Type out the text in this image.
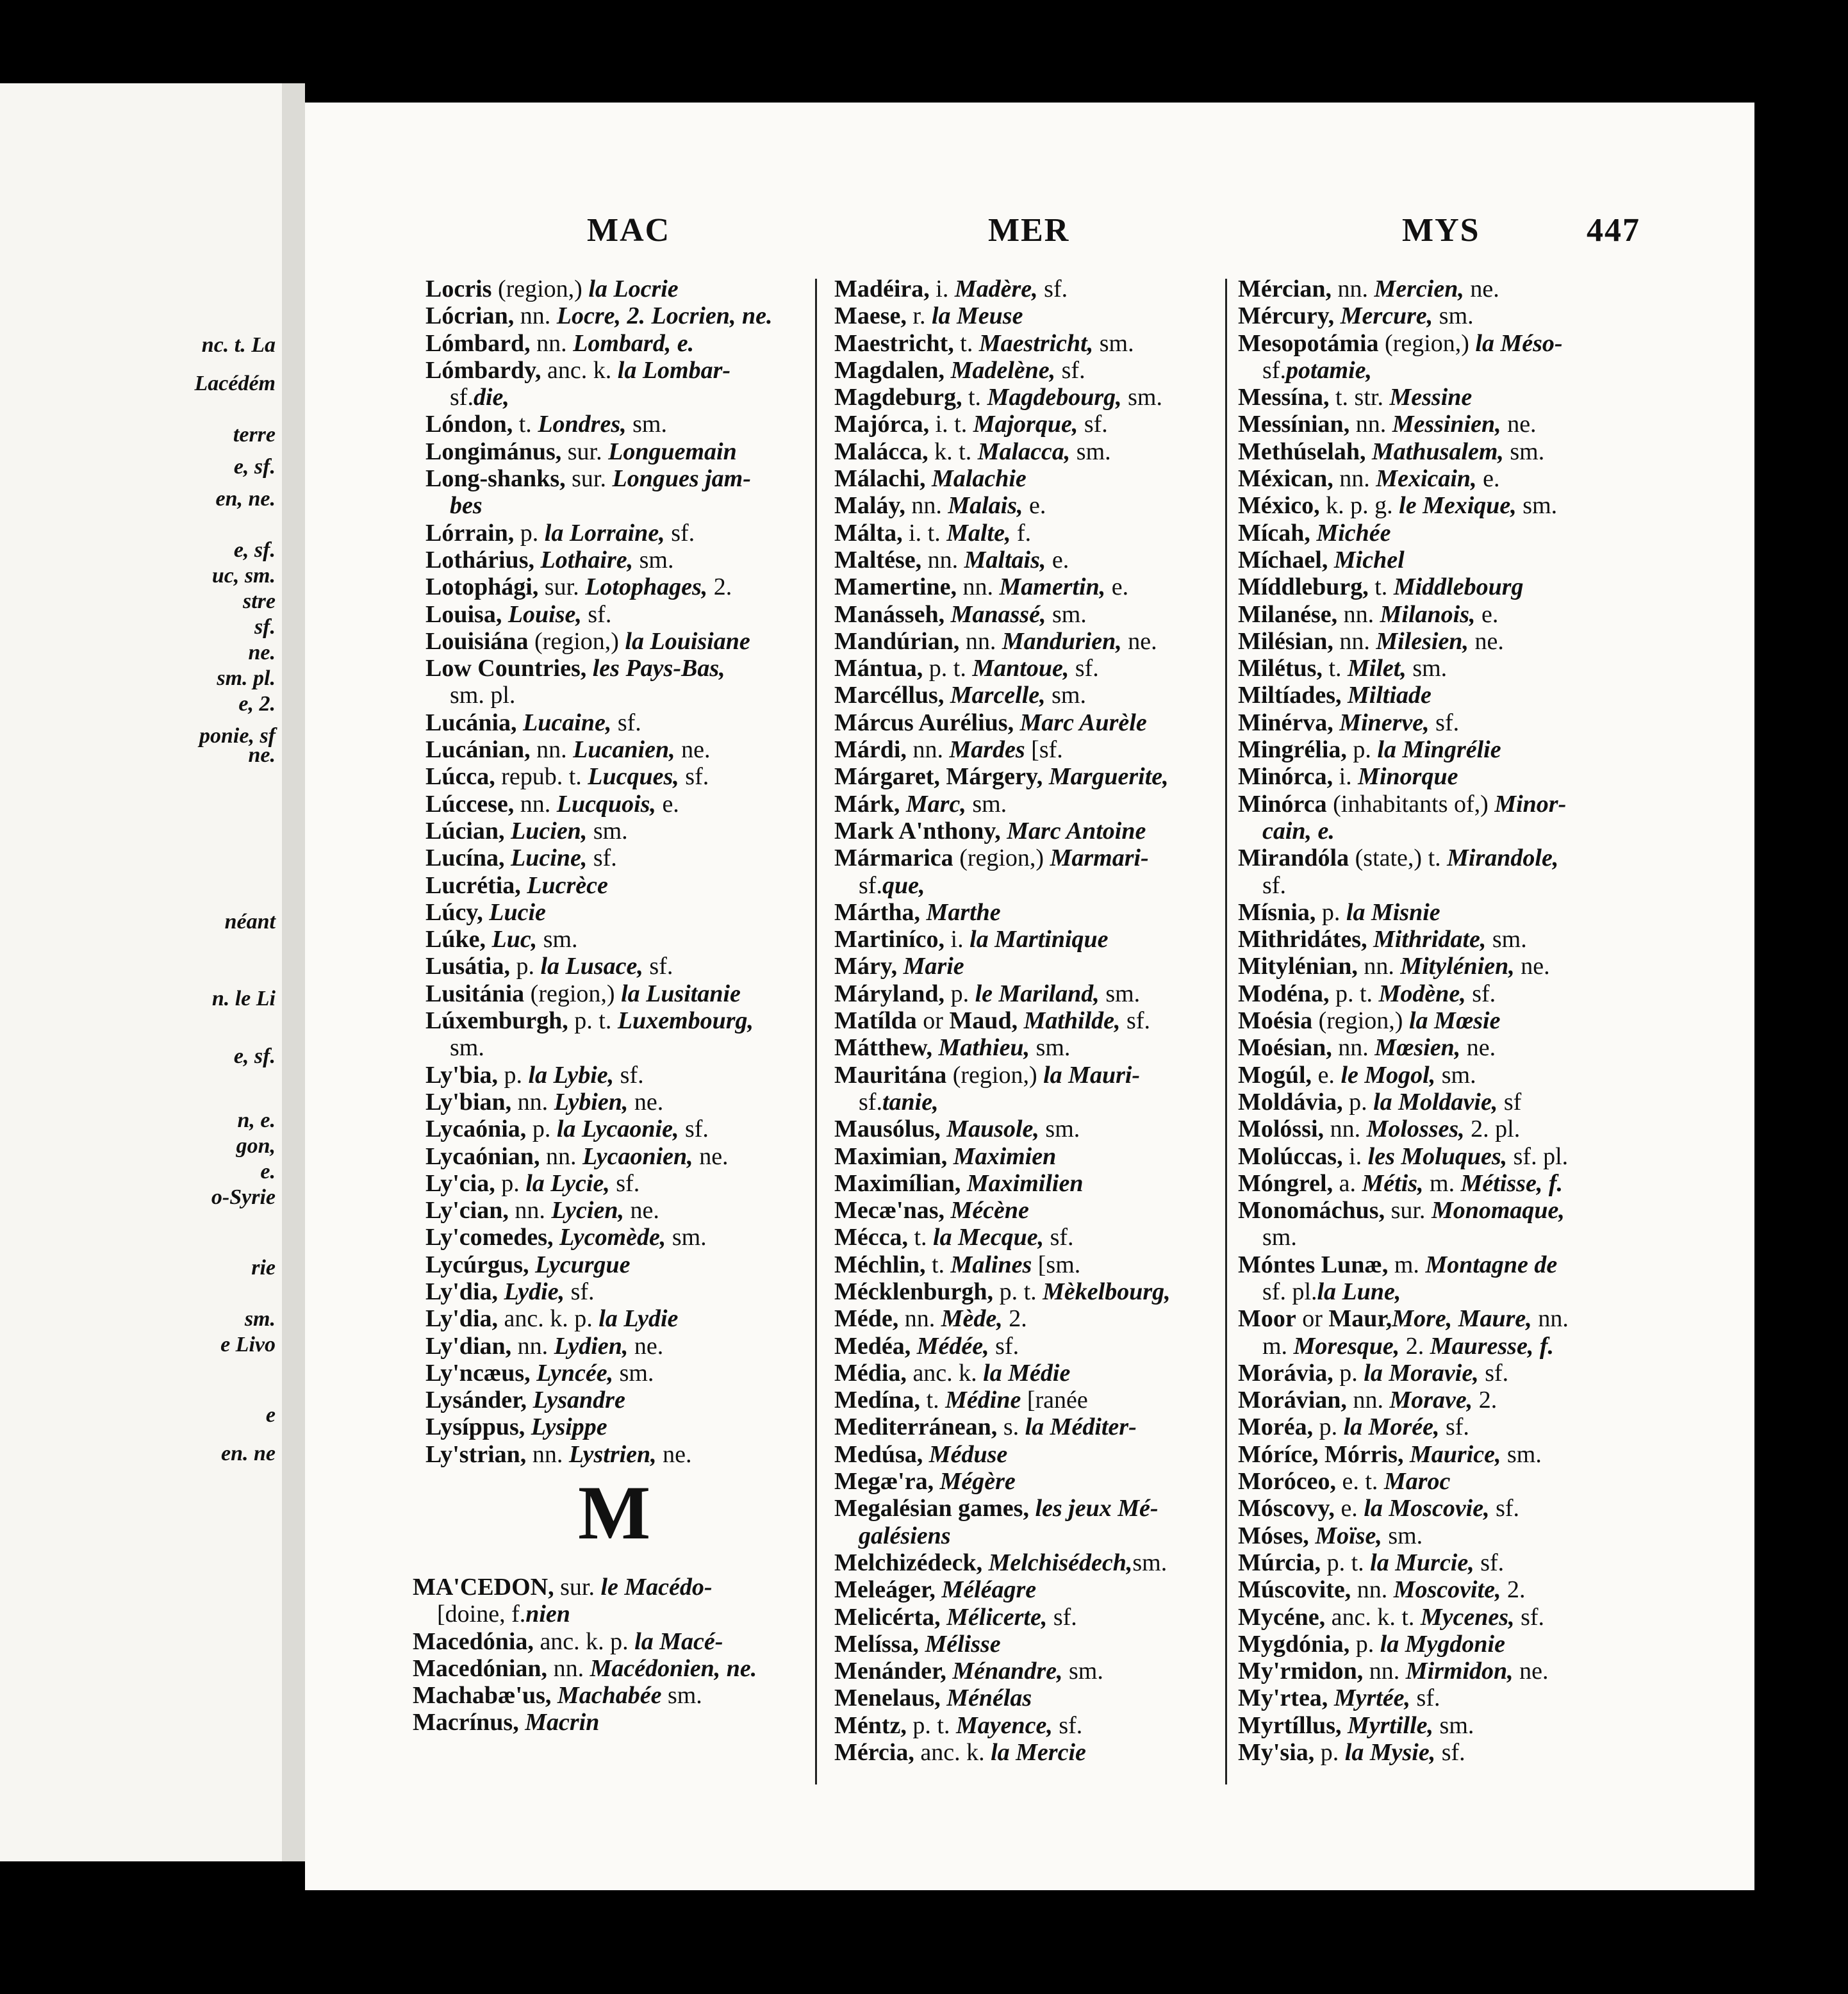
nc. t. La
Lacédém
terre
e, sf.
en, ne.
e, sf.
uc, sm.
stre
sf.
ne.
sm. pl.
e, 2.
ponie, sf
ne.
néant
n. le Li
e, sf.
n, e.
gon,
e.
o-Syrie
rie
sm.
e Livo
e
en. ne
MAC	MER	MYS	447
Locris (region,) la Locrie
Lócrian, nn. Locre, 2. Locrien, ne.
Lómbard, nn. Lombard, e.
Lómbardy, anc. k. la Lombar-
sf.die,
Lóndon, t. Londres, sm.
Longimánus, sur. Longuemain
Long-shanks, sur. Longues jam-
bes
Lórrain, p. la Lorraine, sf.
Lothárius, Lothaire, sm.
Lotophági, sur. Lotophages, 2.
Louisa, Louise, sf.
Louisiána (region,) la Louisiane
Low Countries, les Pays-Bas,
sm. pl.
Lucánia, Lucaine, sf.
Lucánian, nn. Lucanien, ne.
Lúcca, repub. t. Lucques, sf.
Lúccese, nn. Lucquois, e.
Lúcian, Lucien, sm.
Lucína, Lucine, sf.
Lucrétia, Lucrèce
Lúcy, Lucie
Lúke, Luc, sm.
Lusátia, p. la Lusace, sf.
Lusitánia (region,) la Lusitanie
Lúxemburgh, p. t. Luxembourg,
sm.
Ly'bia, p. la Lybie, sf.
Ly'bian, nn. Lybien, ne.
Lycaónia, p. la Lycaonie, sf.
Lycaónian, nn. Lycaonien, ne.
Ly'cia, p. la Lycie, sf.
Ly'cian, nn. Lycien, ne.
Ly'comedes, Lycomède, sm.
Lycúrgus, Lycurgue
Ly'dia, Lydie, sf.
Ly'dia, anc. k. p. la Lydie
Ly'dian, nn. Lydien, ne.
Ly'ncæus, Lyncée, sm.
Lysánder, Lysandre
Lysíppus, Lysippe
Ly'strian, nn. Lystrien, ne.
Madéira, i. Madère, sf.
Maese, r. la Meuse
Maestricht, t. Maestricht, sm.
Magdalen, Madelène, sf.
Magdeburg, t. Magdebourg, sm.
Majórca, i. t. Majorque, sf.
Malácca, k. t. Malacca, sm.
Málachi, Malachie
Maláy, nn. Malais, e.
Málta, i. t. Malte, f.
Maltése, nn. Maltais, e.
Mamertine, nn. Mamertin, e.
Manásseh, Manassé, sm.
Mandúrian, nn. Mandurien, ne.
Mántua, p. t. Mantoue, sf.
Marcéllus, Marcelle, sm.
Márcus Aurélius, Marc Aurèle
Márdi, nn. Mardes [sf.
Márgaret, Márgery, Marguerite,
Márk, Marc, sm.
Mark A'nthony, Marc Antoine
Mármarica (region,) Marmari-
sf.que,
Mártha, Marthe
Martiníco, i. la Martinique
Máry, Marie
Máryland, p. le Mariland, sm.
Matílda or Maud, Mathilde, sf.
Mátthew, Mathieu, sm.
Mauritána (region,) la Mauri-
sf.tanie,
Mausólus, Mausole, sm.
Maximian, Maximien
Maximílian, Maximilien
Mecæ'nas, Mécène
Mécca, t. la Mecque, sf.
Méchlin, t. Malines [sm.
Mécklenburgh, p. t. Mèkelbourg,
Méde, nn. Mède, 2.
Medéa, Médée, sf.
Média, anc. k. la Médie
Medína, t. Médine [ranée
Mediterránean, s. la Méditer-
Medúsa, Méduse
Megæ'ra, Mégère
Megalésian games, les jeux Mé-
galésiens
Melchizédeck, Melchisédech,sm.
Meleáger, Méléagre
Melicérta, Mélicerte, sf.
Melíssa, Mélisse
Menánder, Ménandre, sm.
Menelaus, Ménélas
Méntz, p. t. Mayence, sf.
Mércia, anc. k. la Mercie
Mércian, nn. Mercien, ne.
Mércury, Mercure, sm.
Mesopotámia (region,) la Méso-
sf.potamie,
Messína, t. str. Messine
Messínian, nn. Messinien, ne.
Methúselah, Mathusalem, sm.
Méxican, nn. Mexicain, e.
México, k. p. g. le Mexique, sm.
Mícah, Michée
Míchael, Michel
Míddleburg, t. Middlebourg
Milanése, nn. Milanois, e.
Milésian, nn. Milesien, ne.
Milétus, t. Milet, sm.
Miltíades, Miltiade
Minérva, Minerve, sf.
Mingrélia, p. la Mingrélie
Minórca, i. Minorque
Minórca (inhabitants of,) Minor-
cain, e.
Mirandóla (state,) t. Mirandole,
sf.
Mísnia, p. la Misnie
Mithridátes, Mithridate, sm.
Mitylénian, nn. Mitylénien, ne.
Modéna, p. t. Modène, sf.
Moésia (region,) la Mœsie
Moésian, nn. Mœsien, ne.
Mogúl, e. le Mogol, sm.
Moldávia, p. la Moldavie, sf
Molóssi, nn. Molosses, 2. pl.
Molúccas, i. les Moluques, sf. pl.
Móngrel, a. Métis, m. Métisse, f.
Monomáchus, sur. Monomaque,
sm.
Móntes Lunæ, m. Montagne de
sf. pl.la Lune,
Moor or Maur,More, Maure, nn.
m. Moresque, 2. Mauresse, f.
Morávia, p. la Moravie, sf.
Morávian, nn. Morave, 2.
Moréa, p. la Morée, sf.
Móríce, Mórris, Maurice, sm.
Moróceo, e. t. Maroc
Móscovy, e. la Moscovie, sf.
Móses, Moïse, sm.
Múrcia, p. t. la Murcie, sf.
Múscovite, nn. Moscovite, 2.
Mycéne, anc. k. t. Mycenes, sf.
Mygdónia, p. la Mygdonie
My'rmidon, nn. Mirmidon, ne.
My'rtea, Myrtée, sf.
Myrtíllus, Myrtille, sm.
My'sia, p. la Mysie, sf.
M
MA'CEDON, sur. le Macédo-
[doine, f.nien
Macedónia, anc. k. p. la Macé-
Macedónian, nn. Macédonien, ne.
Machabæ'us, Machabée sm.
Macrínus, Macrin
